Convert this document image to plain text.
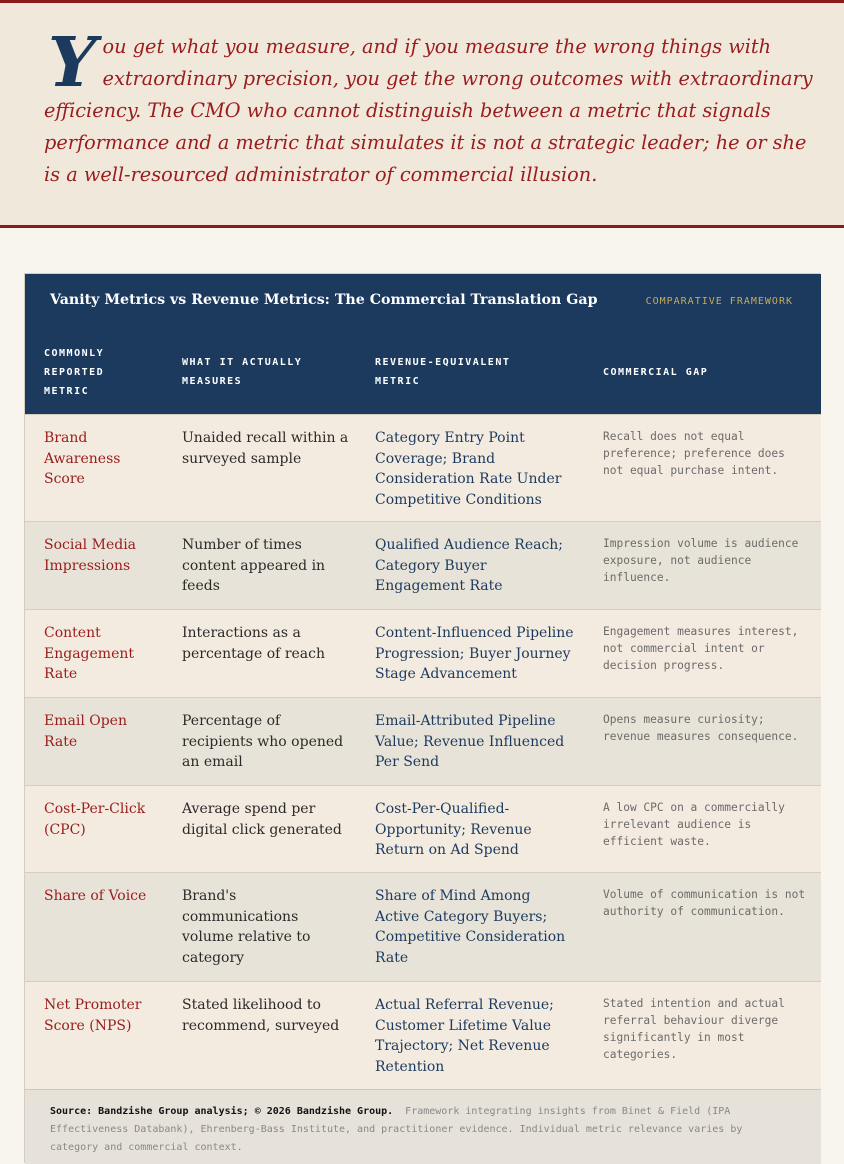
You get what you measure, and if you measure the wrong things with extraordinary precision, you get the wrong outcomes with extraordinary efficiency. The CMO who cannot distinguish between a metric that signals performance and a metric that simulates it is not a strategic leader; he or she is a well-resourced administrator of commercial illusion.
Vanity Metrics vs Revenue Metrics: The Commercial Translation Gap	COMPARATIVE FRAMEWORK
COMMONLY REPORTED METRIC
WHAT IT ACTUALLY MEASURES
REVENUE-EQUIVALENT METRIC
COMMERCIAL GAP
Brand Awareness Score
Unaided recall within a surveyed sample
Category Entry Point Coverage; Brand Consideration Rate Under Competitive Conditions
Recall does not equal preference; preference does not equal purchase intent.
Social Media Impressions
Number of times content appeared in feeds
Qualified Audience Reach; Category Buyer Engagement Rate
Impression volume is audience exposure, not audience influence.
Content Engagement Rate
Interactions as a percentage of reach
Content-Influenced Pipeline Progression; Buyer Journey Stage Advancement
Engagement measures interest, not commercial intent or decision progress.
Email Open Rate
Percentage of recipients who opened an email
Email-Attributed Pipeline Value; Revenue Influenced Per Send
Opens measure curiosity; revenue measures consequence.
Cost-Per-Click (CPC)
Average spend per digital click generated
Cost-Per-Qualified-Opportunity; Revenue Return on Ad Spend
A low CPC on a commercially irrelevant audience is efficient waste.
Share of Voice	Brand's communications volume relative to category
Share of Mind Among Active Category Buyers; Competitive Consideration Rate
Volume of communication is not authority of communication.
Net Promoter Score (NPS)
Stated likelihood to recommend, surveyed
Actual Referral Revenue; Customer Lifetime Value Trajectory; Net Revenue Retention
Stated intention and actual referral behaviour diverge significantly in most categories.
Source: Bandzishe Group analysis; © 2026 Bandzishe Group. Framework integrating insights from Binet & Field (IPA Effectiveness Databank), Ehrenberg-Bass Institute, and practitioner evidence. Individual metric relevance varies by category and commercial context.
